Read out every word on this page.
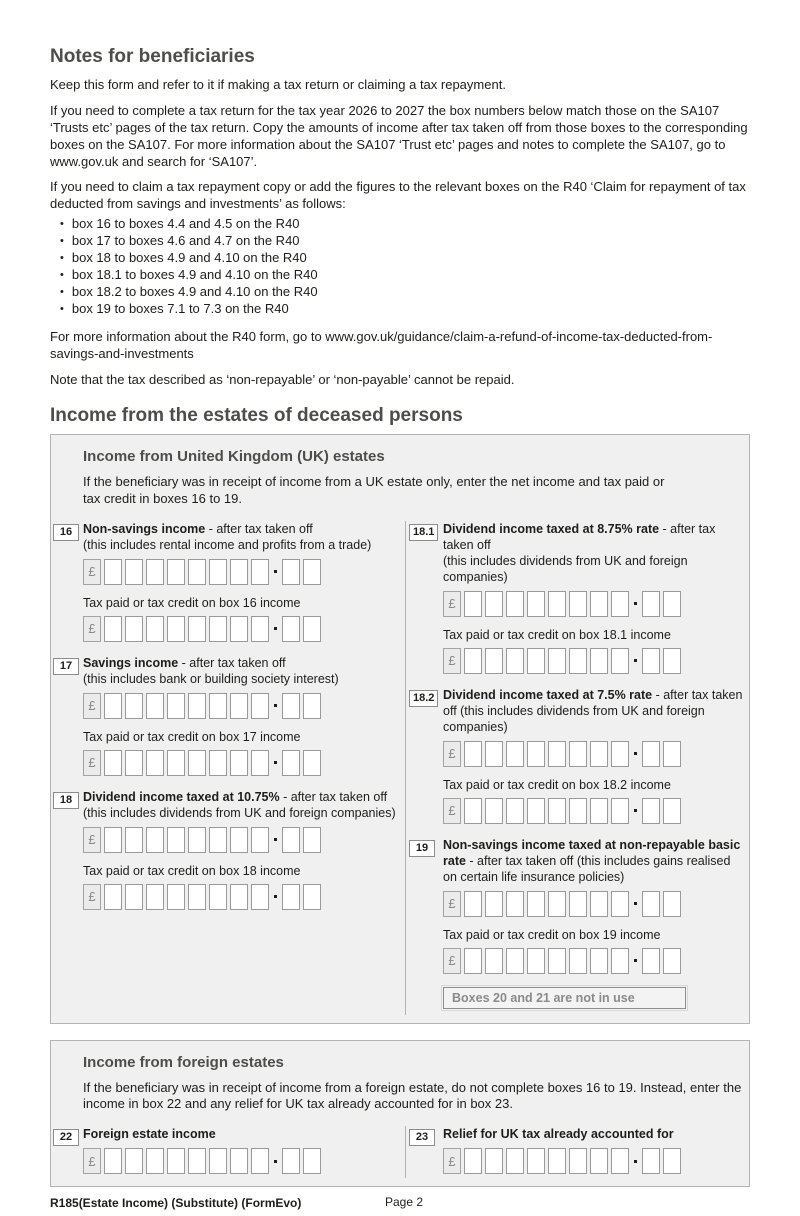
Notes for beneficiaries

Keep this form and refer to it if making a tax return or claiming a tax repayment.

If you need to complete a tax return for the tax year 2026 to 2027 the box numbers below match those on the SA107 ‘Trusts etc’ pages of the tax return. Copy the amounts of income after tax taken off from those boxes to the corresponding boxes on the SA107. For more information about the SA107 ‘Trust etc’ pages and notes to complete the SA107, go to www.gov.uk and search for ‘SA107’.

If you need to claim a tax repayment copy or add the figures to the relevant boxes on the R40 ‘Claim for repayment of tax deducted from savings and investments’ as follows:

• box 16 to boxes 4.4 and 4.5 on the R40
• box 17 to boxes 4.6 and 4.7 on the R40
• box 18 to boxes 4.9 and 4.10 on the R40
• box 18.1 to boxes 4.9 and 4.10 on the R40
• box 18.2 to boxes 4.9 and 4.10 on the R40
• box 19 to boxes 7.1 to 7.3 on the R40

For more information about the R40 form, go to www.gov.uk/guidance/claim-a-refund-of-income-tax-deducted-from-savings-and-investments

Note that the tax described as ‘non-repayable’ or ‘non-payable’ cannot be repaid.

Income from the estates of deceased persons
Income from United Kingdom (UK) estates

If the beneficiary was in receipt of income from a UK estate only, enter the net income and tax paid or tax credit in boxes 16 to 19.

16 Non-savings income - after tax taken off
(this includes rental income and profits from a trade)
£
Tax paid or tax credit on box 16 income
£
17 Savings income - after tax taken off
(this includes bank or building society interest)
£
Tax paid or tax credit on box 17 income
£
18 Dividend income taxed at 10.75% - after tax taken off
(this includes dividends from UK and foreign companies)
£
Tax paid or tax credit on box 18 income
£
18.1 Dividend income taxed at 8.75% rate - after tax taken off
(this includes dividends from UK and foreign companies)
£
Tax paid or tax credit on box 18.1 income
£
18.2 Dividend income taxed at 7.5% rate - after tax taken off (this includes dividends from UK and foreign companies)
£
Tax paid or tax credit on box 18.2 income
£
19	Non-savings income taxed at non-repayable basic rate - after tax taken off (this includes gains realised on certain life insurance policies)
£
Tax paid or tax credit on box 19 income
£
Boxes 20 and 21 are not in use
Income from foreign estates

If the beneficiary was in receipt of income from a foreign estate, do not complete boxes 16 to 19. Instead, enter the income in box 22 and any relief for UK tax already accounted for in box 23.

22 Foreign estate income
£
23	Relief for UK tax already accounted for
£
R185(Estate Income) (Substitute) (FormEvo)	Page 2
